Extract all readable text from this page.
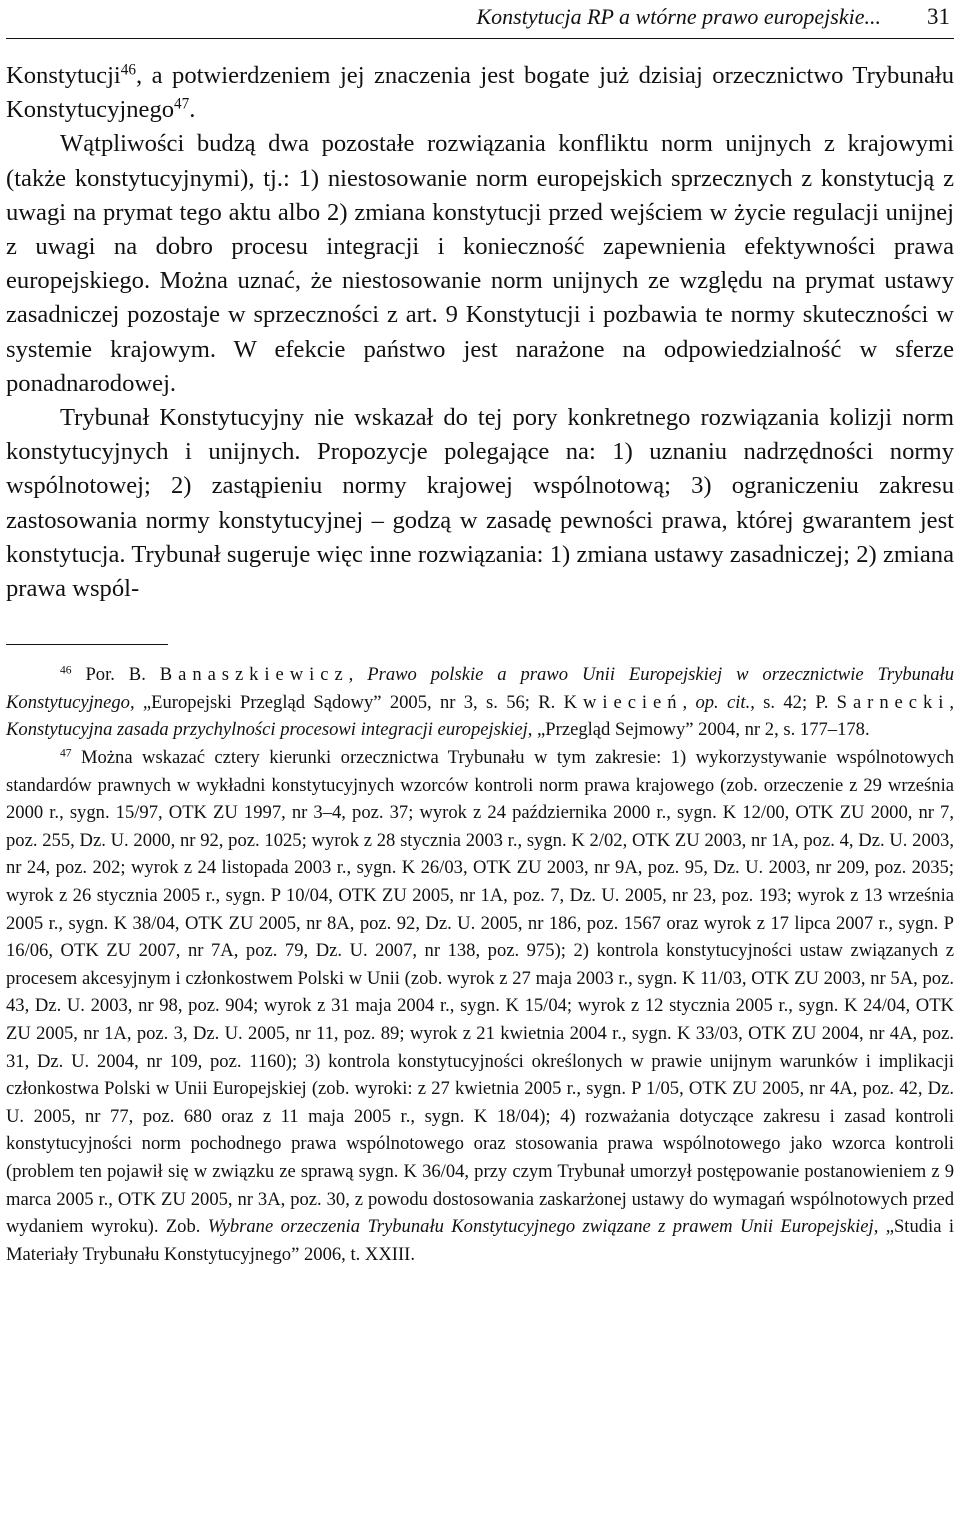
Konstytucja RP a wtórne prawo europejskie... 31

Konstytucji$^{46}$, a potwierdzeniem jej znaczenia jest bogate już dzisiaj orzecznictwo Trybunału Konstytucyjnego$^{47}$.

Wątpliwości budzą dwa pozostałe rozwiązania konfliktu norm unijnych z krajowymi (także konstytucyjnymi), tj.: 1) niestosowanie norm europejskich sprzecznych z konstytucją z uwagi na prymat tego aktu albo 2) zmiana konstytucji przed wejściem w życie regulacji unijnej z uwagi na dobro procesu integracji i konieczność zapewnienia efektywności prawa europejskiego. Można uznać, że niestosowanie norm unijnych ze względu na prymat ustawy zasadniczej pozostaje w sprzeczności z art. 9 Konstytucji i pozbawia te normy skuteczności w systemie krajowym. W efekcie państwo jest narażone na odpowiedzialność w sferze ponadnarodowej.

Trybunał Konstytucyjny nie wskazał do tej pory konkretnego rozwiązania kolizji norm konstytucyjnych i unijnych. Propozycje polegające na: 1) uznaniu nadrzędności normy wspólnotowej; 2) zastąpieniu normy krajowej wspólnotową; 3) ograniczeniu zakresu zastosowania normy konstytucyjnej – godzą w zasadę pewności prawa, której gwarantem jest konstytucja. Trybunał sugeruje więc inne rozwiązania: 1) zmiana ustawy zasadniczej; 2) zmiana prawa wspól-

$^{46}$ Por. B. Banaszkiewicz, Prawo polskie a prawo Unii Europejskiej w orzecznictwie Trybunału Konstytucyjnego, „Europejski Przegląd Sądowy” 2005, nr 3, s. 56; R. Kwiecień, op. cit., s. 42; P. Sarnecki, Konstytucyjna zasada przychylności procesowi integracji europejskiej, „Przegląd Sejmowy” 2004, nr 2, s. 177–178.

$^{47}$ Można wskazać cztery kierunki orzecznictwa Trybunału w tym zakresie: 1) wykorzystywanie wspólnotowych standardów prawnych w wykładni konstytucyjnych wzorców kontroli norm prawa krajowego (zob. orzeczenie z 29 września 2000 r., sygn. 15/97, OTK ZU 1997, nr 3–4, poz. 37; wyrok z 24 października 2000 r., sygn. K 12/00, OTK ZU 2000, nr 7, poz. 255, Dz. U. 2000, nr 92, poz. 1025; wyrok z 28 stycznia 2003 r., sygn. K 2/02, OTK ZU 2003, nr 1A, poz. 4, Dz. U. 2003, nr 24, poz. 202; wyrok z 24 listopada 2003 r., sygn. K 26/03, OTK ZU 2003, nr 9A, poz. 95, Dz. U. 2003, nr 209, poz. 2035; wyrok z 26 stycznia 2005 r., sygn. P 10/04, OTK ZU 2005, nr 1A, poz. 7, Dz. U. 2005, nr 23, poz. 193; wyrok z 13 września 2005 r., sygn. K 38/04, OTK ZU 2005, nr 8A, poz. 92, Dz. U. 2005, nr 186, poz. 1567 oraz wyrok z 17 lipca 2007 r., sygn. P 16/06, OTK ZU 2007, nr 7A, poz. 79, Dz. U. 2007, nr 138, poz. 975); 2) kontrola konstytucyjności ustaw związanych z procesem akcesyjnym i członkostwem Polski w Unii (zob. wyrok z 27 maja 2003 r., sygn. K 11/03, OTK ZU 2003, nr 5A, poz. 43, Dz. U. 2003, nr 98, poz. 904; wyrok z 31 maja 2004 r., sygn. K 15/04; wyrok z 12 stycznia 2005 r., sygn. K 24/04, OTK ZU 2005, nr 1A, poz. 3, Dz. U. 2005, nr 11, poz. 89; wyrok z 21 kwietnia 2004 r., sygn. K 33/03, OTK ZU 2004, nr 4A, poz. 31, Dz. U. 2004, nr 109, poz. 1160); 3) kontrola konstytucyjności określonych w prawie unijnym warunków i implikacji członkostwa Polski w Unii Europejskiej (zob. wyroki: z 27 kwietnia 2005 r., sygn. P 1/05, OTK ZU 2005, nr 4A, poz. 42, Dz. U. 2005, nr 77, poz. 680 oraz z 11 maja 2005 r., sygn. K 18/04); 4) rozważania dotyczące zakresu i zasad kontroli konstytucyjności norm pochodnego prawa wspólnotowego oraz stosowania prawa wspólnotowego jako wzorca kontroli (problem ten pojawił się w związku ze sprawą sygn. K 36/04, przy czym Trybunał umorzył postępowanie postanowieniem z 9 marca 2005 r., OTK ZU 2005, nr 3A, poz. 30, z powodu dostosowania zaskarżonej ustawy do wymagań wspólnotowych przed wydaniem wyroku). Zob. Wybrane orzeczenia Trybunału Konstytucyjnego związane z prawem Unii Europejskiej, „Studia i Materiały Trybunału Konstytucyjnego” 2006, t. XXIII.
